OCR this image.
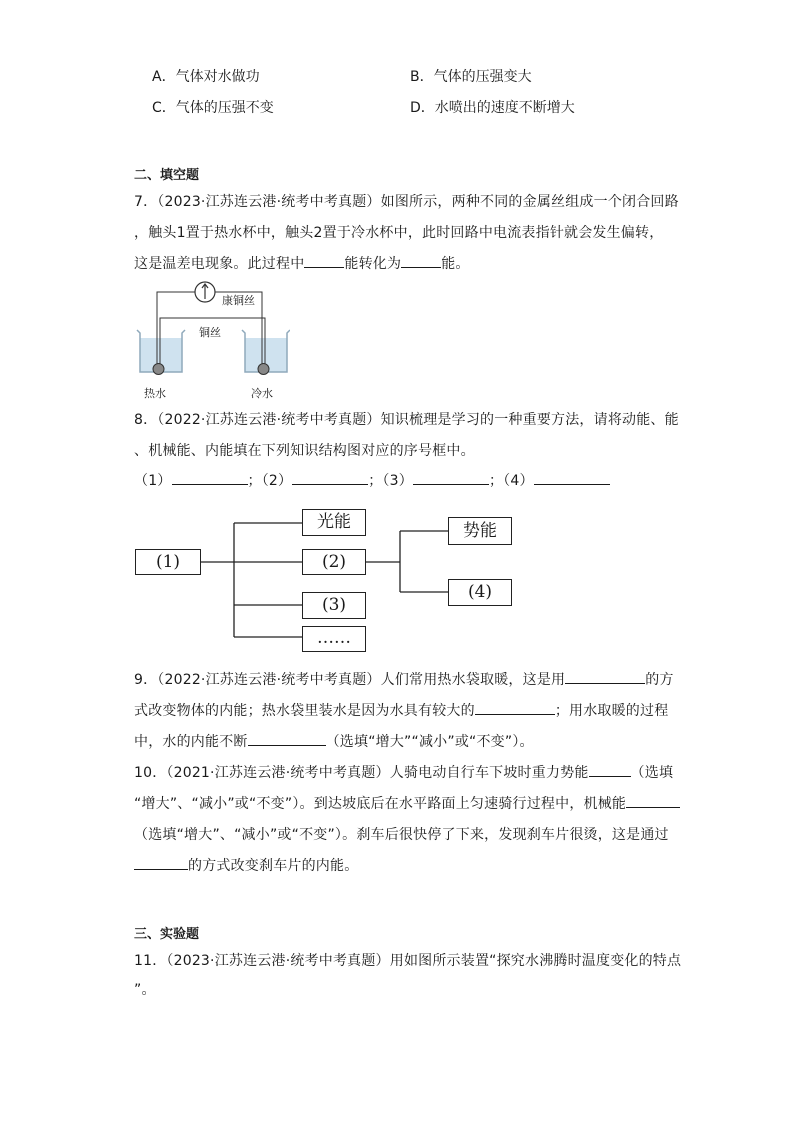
A．气体对水做功	B．气体的压强变大
C．气体的压强不变	D．水喷出的速度不断增大
二、填空题
7．（2023·江苏连云港·统考中考真题）如图所示，两种不同的金属丝组成一个闭合回路
，触头1置于热水杯中，触头2置于冷水杯中，此时回路中电流表指针就会发生偏转，
这是温差电现象。此过程中	能转化为	能。
康铜丝
铜丝
热水	冷水
8．（2022·江苏连云港·统考中考真题）知识梳理是学习的一种重要方法，请将动能、能
、机械能、内能填在下列知识结构图对应的序号框中。
（1）	；（2）	；（3）	；（4）
(1)
光能
(2)
(3)
……
势能
(4)
9．（2022·江苏连云港·统考中考真题）人们常用热水袋取暖，这是用	的方
式改变物体的内能；热水袋里装水是因为水具有较大的	；用水取暖的过程
中，水的内能不断	（选填“增大”“减小”或“不变”）。
10．（2021·江苏连云港·统考中考真题）人骑电动自行车下坡时重力势能	（选填
“增大”、“减小”或“不变”）。到达坡底后在水平路面上匀速骑行过程中，机械能
（选填“增大”、“减小”或“不变”）。刹车后很快停了下来，发现刹车片很烫，这是通过
的方式改变刹车片的内能。
三、实验题
11．（2023·江苏连云港·统考中考真题）用如图所示装置“探究水沸腾时温度变化的特点
”。
